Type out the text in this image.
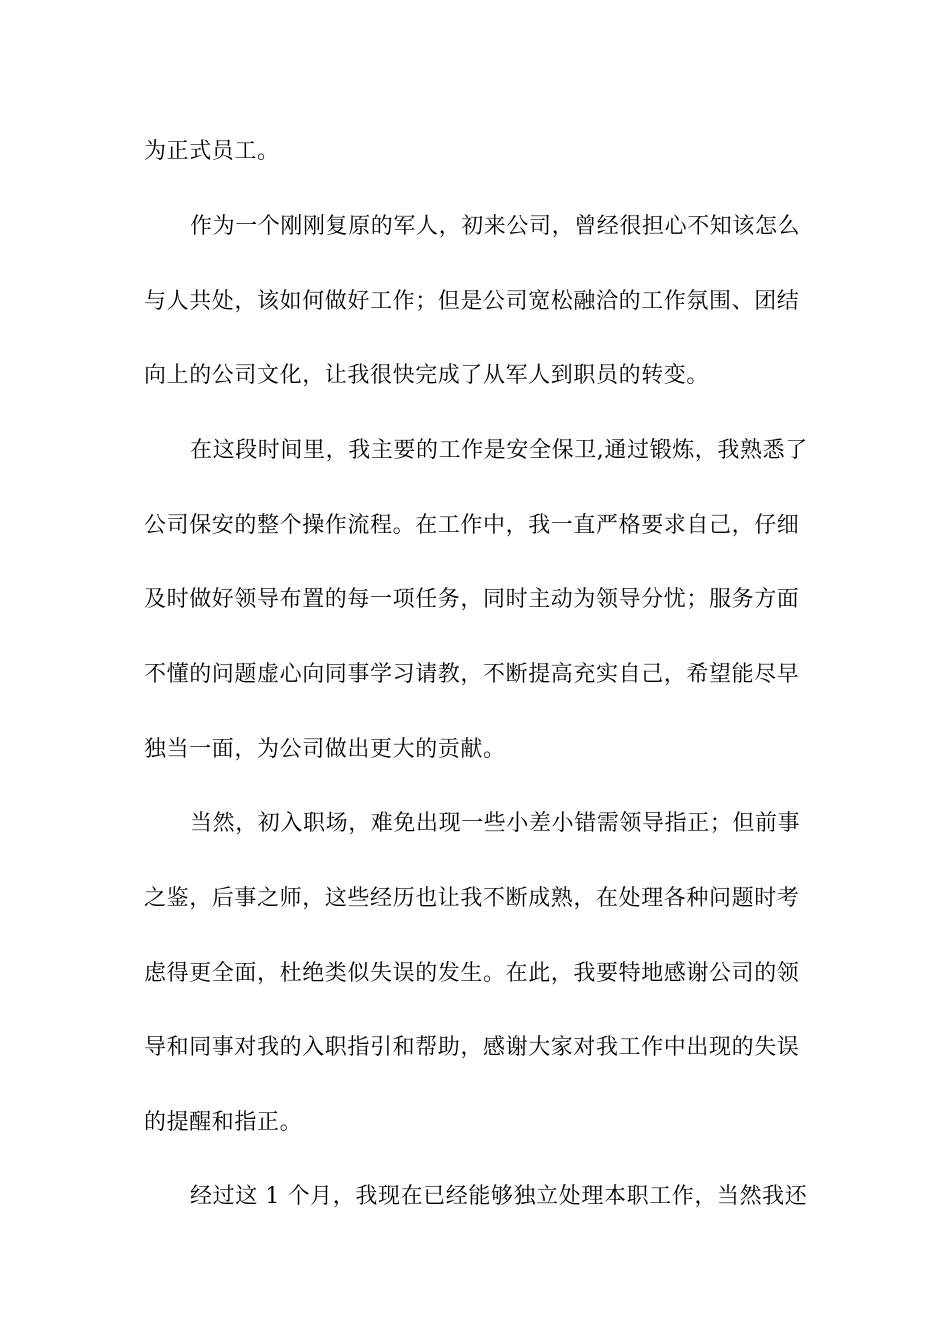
为正式员工。
作为一个刚刚复原的军人，初来公司，曾经很担心不知该怎么
与人共处，该如何做好工作；但是公司宽松融洽的工作氛围、团结
向上的公司文化，让我很快完成了从军人到职员的转变。
在这段时间里，我主要的工作是安全保卫,通过锻炼，我熟悉了
公司保安的整个操作流程。在工作中，我一直严格要求自己，仔细
及时做好领导布置的每一项任务，同时主动为领导分忧；服务方面
不懂的问题虚心向同事学习请教，不断提高充实自己，希望能尽早
独当一面，为公司做出更大的贡献。
当然，初入职场，难免出现一些小差小错需领导指正；但前事
之鉴，后事之师，这些经历也让我不断成熟，在处理各种问题时考
虑得更全面，杜绝类似失误的发生。在此，我要特地感谢公司的领
导和同事对我的入职指引和帮助，感谢大家对我工作中出现的失误
的提醒和指正。
经过这 1 个月，我现在已经能够独立处理本职工作，当然我还
